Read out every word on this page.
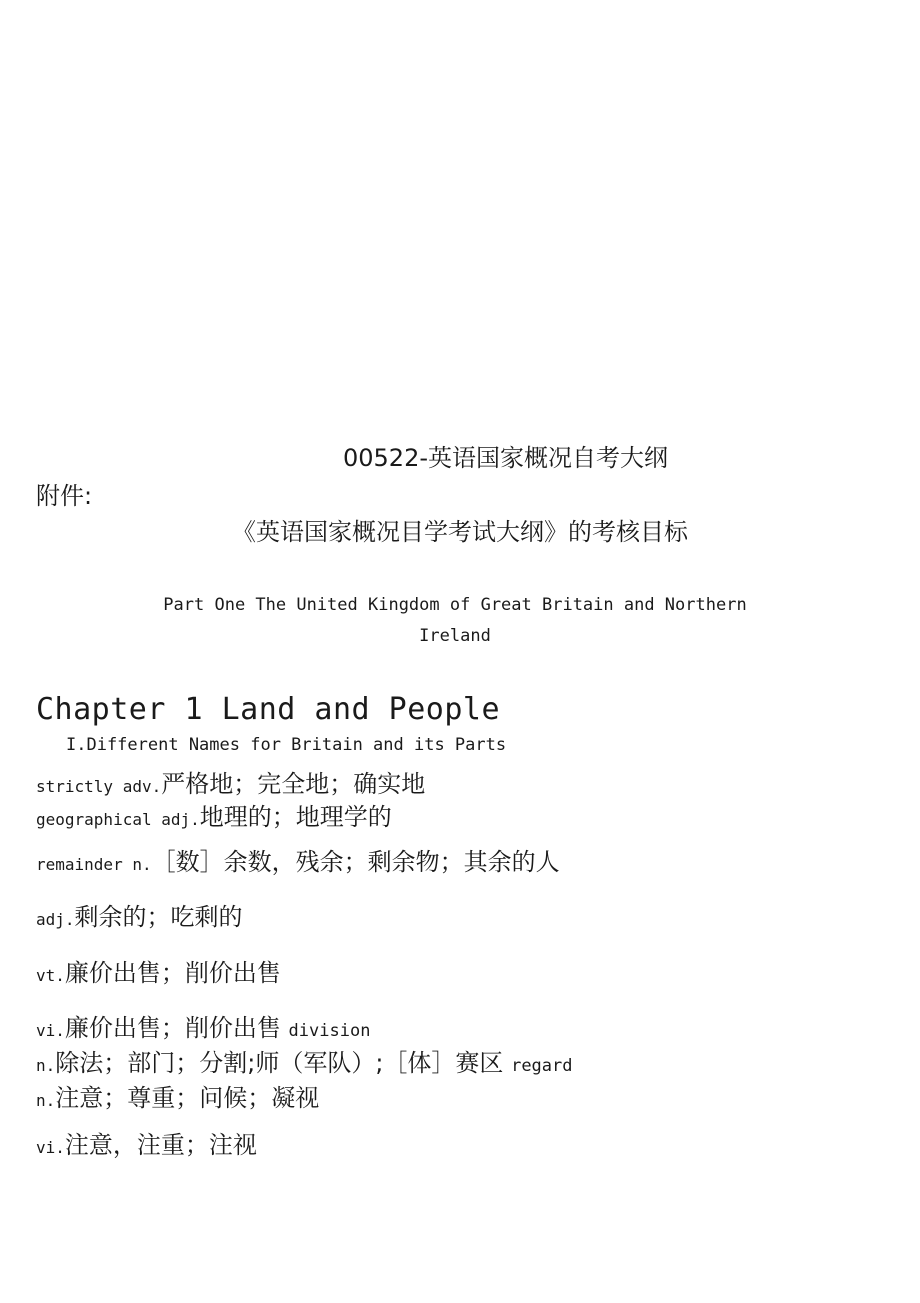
00522-英语国家概况自考大纲
附件:
《英语国家概况目学考试大纲》的考核目标
Part One The United Kingdom of Great Britain and Northern
Ireland
Chapter 1 Land and People
I.Different Names for Britain and its Parts
strictly adv.严格地；完全地；确实地
geographical adj.地理的；地理学的
remainder n.［数］余数，残余；剩余物；其余的人
adj.剩余的；吃剩的
vt.廉价出售；削价出售
vi.廉价出售；削价出售 division
n.除法；部门；分割;师（军队）;［体］赛区 regard
n.注意；尊重；问候；凝视
vi.注意，注重；注视
